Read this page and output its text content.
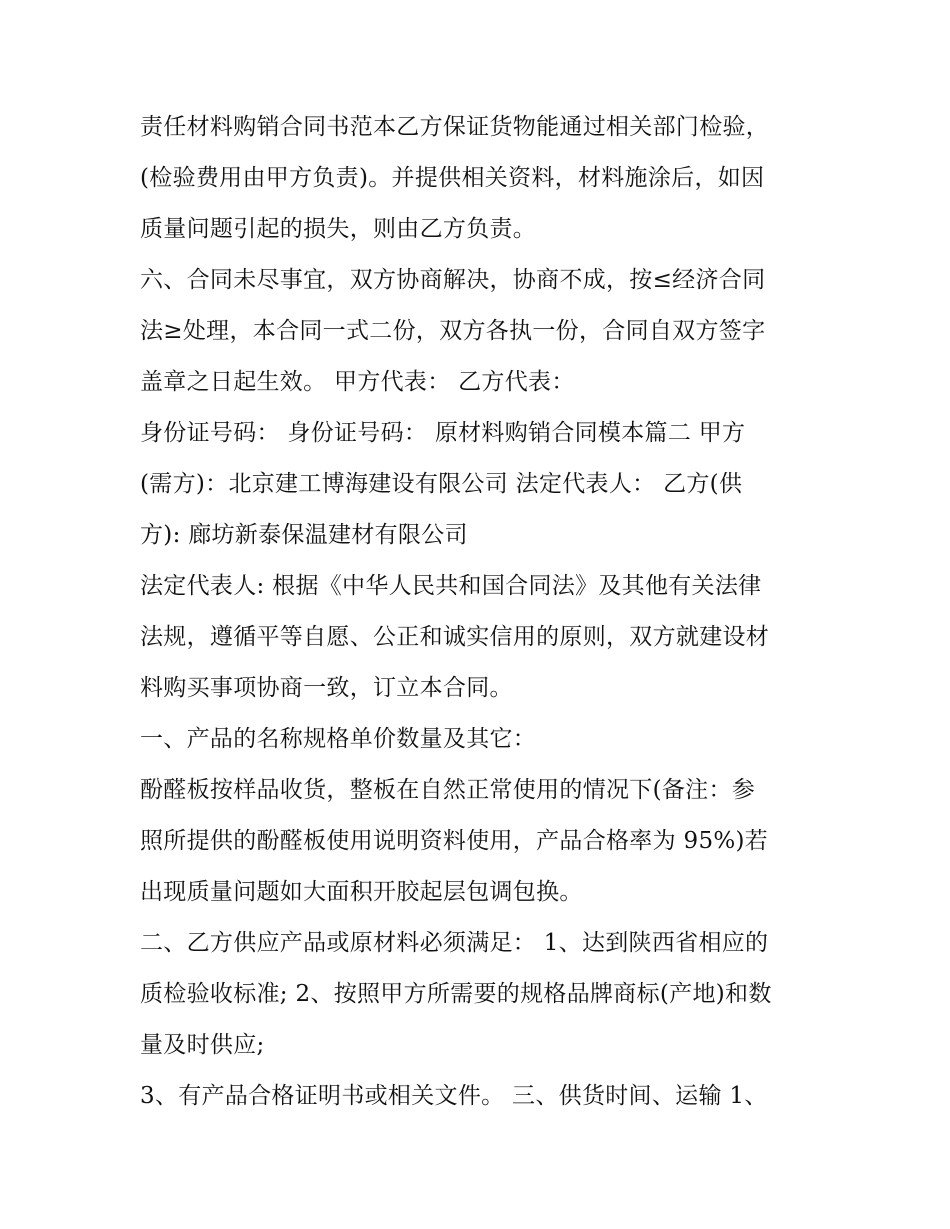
责任材料购销合同书范本乙方保证货物能通过相关部门检验，
(检验费用由甲方负责)。并提供相关资料，材料施涂后，如因
质量问题引起的损失，则由乙方负责。
六、合同未尽事宜，双方协商解决，协商不成，按≤经济合同
法≥处理，本合同一式二份，双方各执一份，合同自双方签字
盖章之日起生效。 甲方代表： 乙方代表：
身份证号码： 身份证号码： 原材料购销合同模本篇二 甲方
(需方)：北京建工博海建设有限公司 法定代表人： 乙方(供
方): 廊坊新泰保温建材有限公司
法定代表人: 根据《中华人民共和国合同法》及其他有关法律
法规，遵循平等自愿、公正和诚实信用的原则，双方就建设材
料购买事项协商一致，订立本合同。
一、产品的名称规格单价数量及其它：
酚醛板按样品收货，整板在自然正常使用的情况下(备注：参
照所提供的酚醛板使用说明资料使用，产品合格率为 95%)若
出现质量问题如大面积开胶起层包调包换。
二、乙方供应产品或原材料必须满足： 1、达到陕西省相应的
质检验收标准; 2、按照甲方所需要的规格品牌商标(产地)和数
量及时供应;
3、有产品合格证明书或相关文件。 三、供货时间、运输 1、
